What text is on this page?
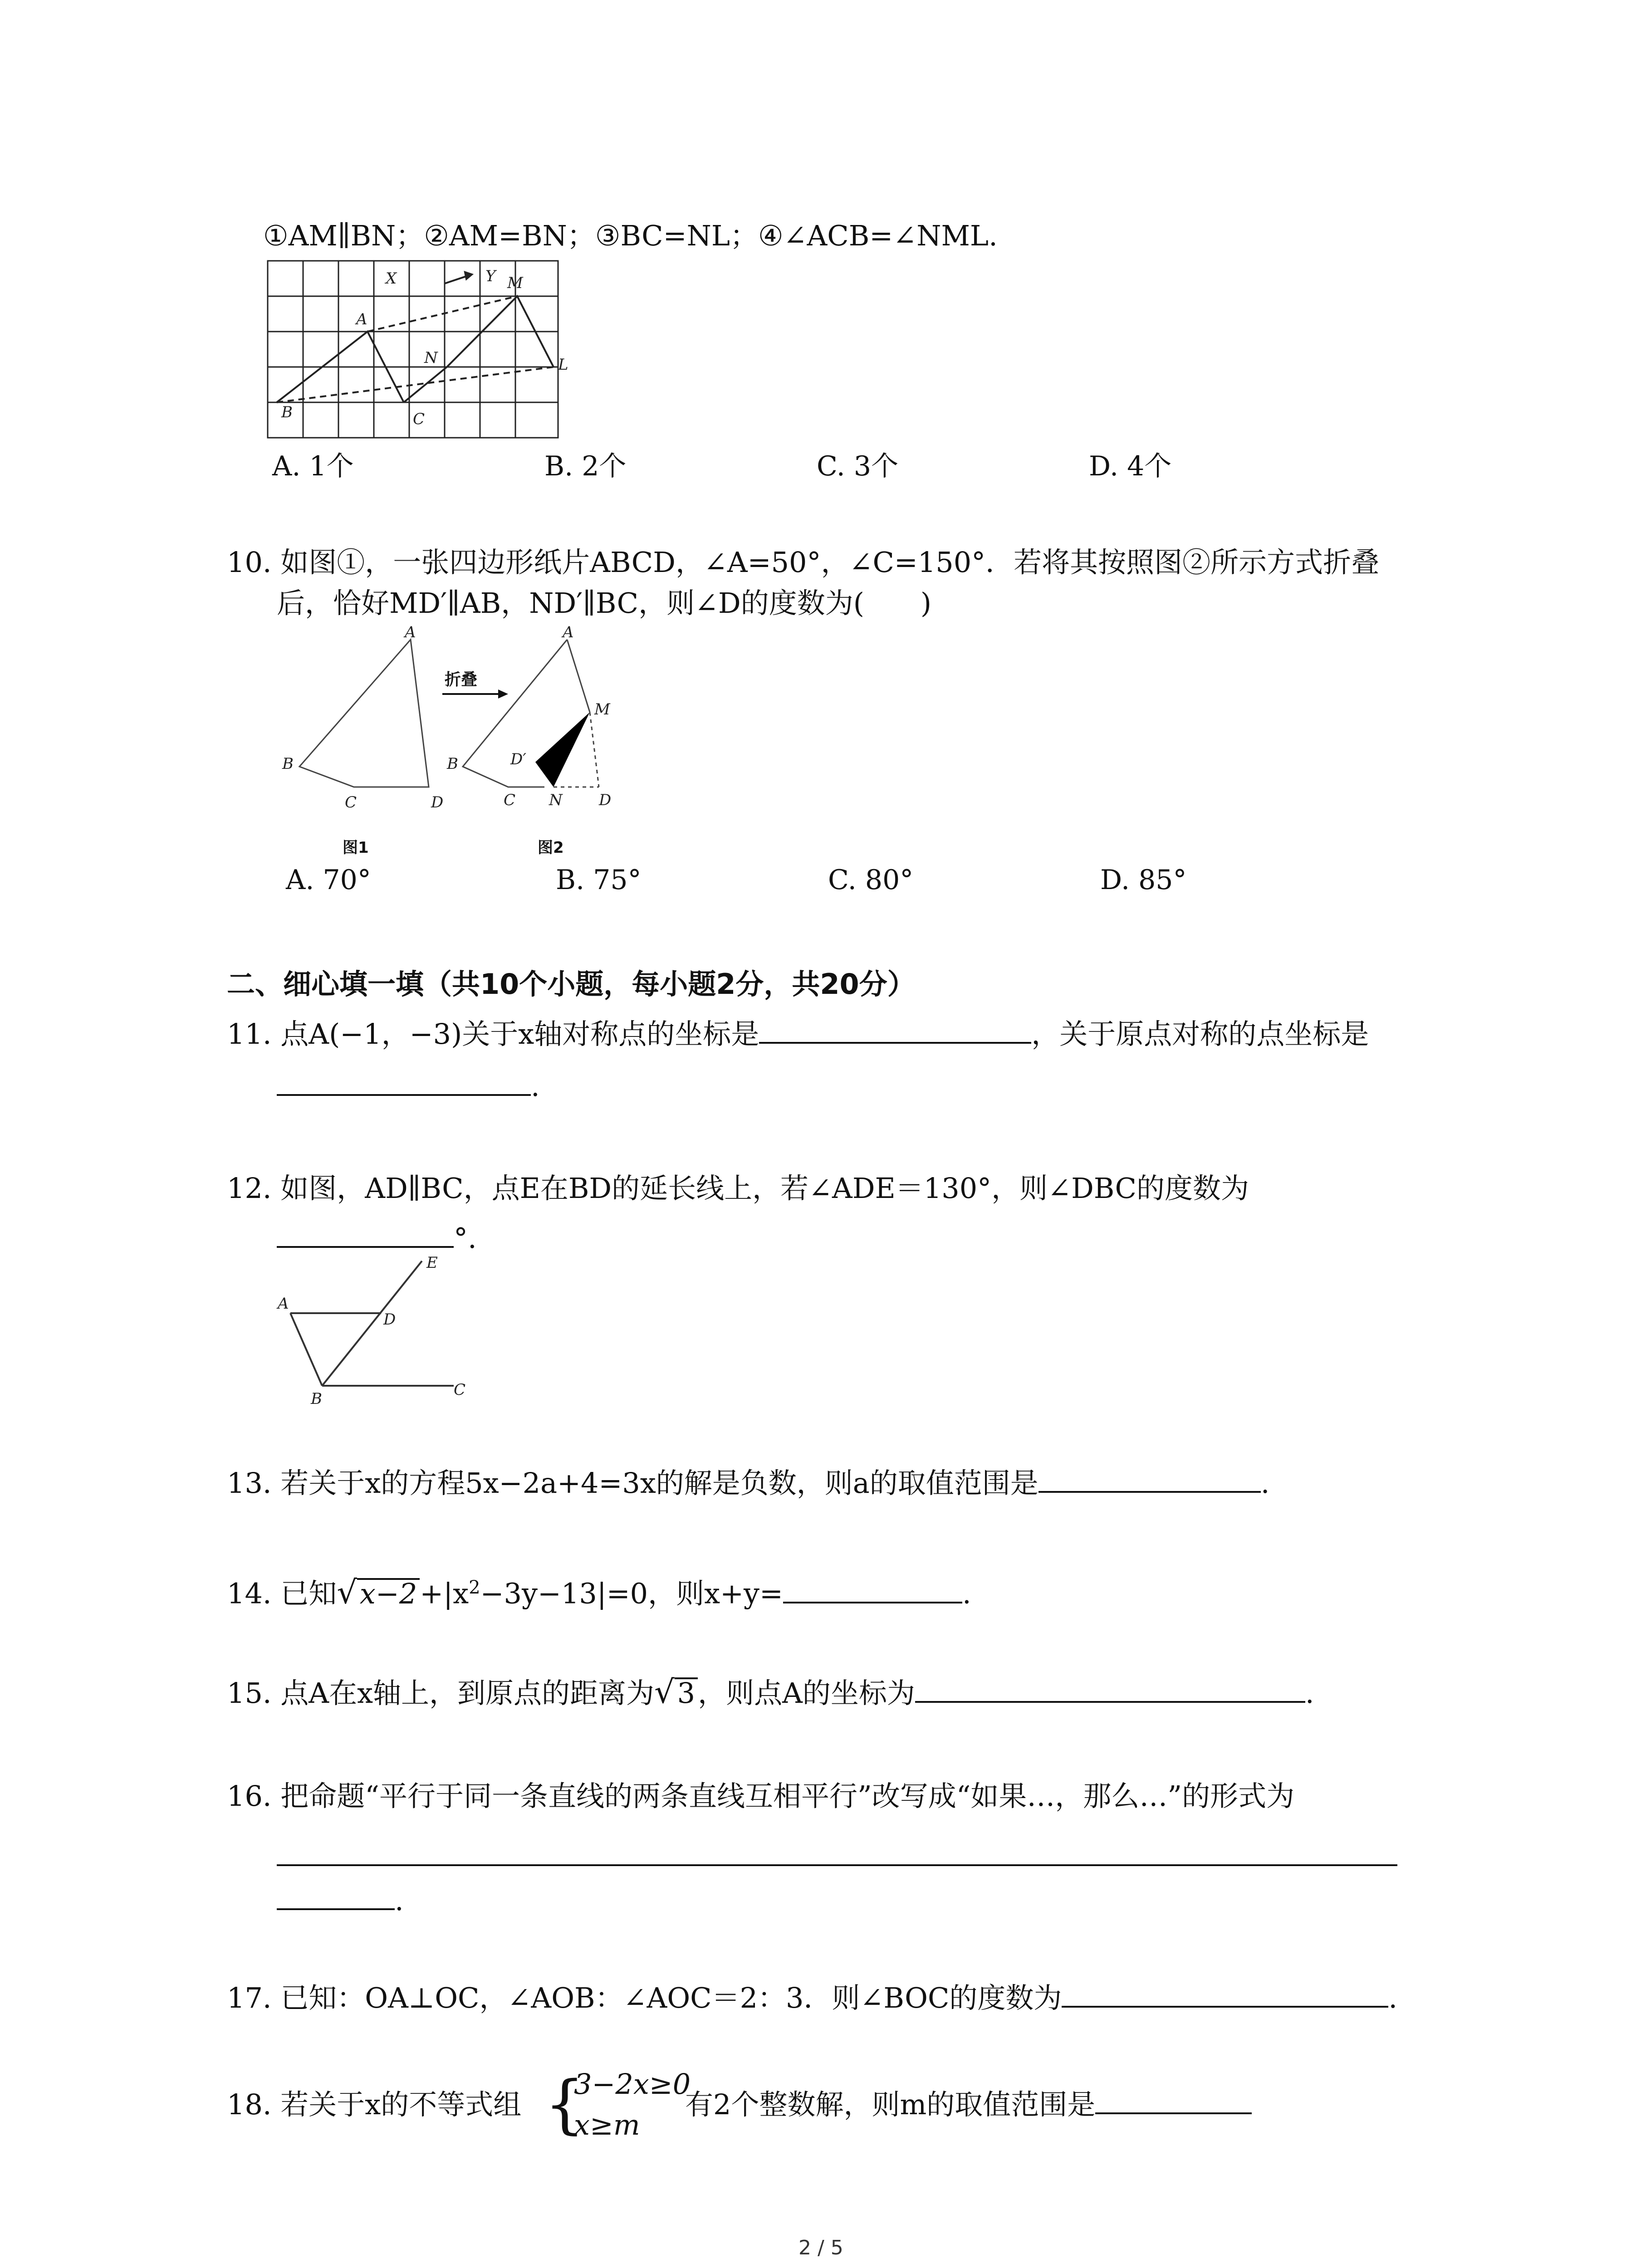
①AM∥BN；②AM=BN；③BC=NL；④∠ACB=∠NML.
X	Y M
A
N	L
B	C
A. 1个	B. 2个	C. 3个	D. 4个
10. 如图①，一张四边形纸片ABCD，∠A=50°，∠C=150°．若将其按照图②所示方式折叠
后，恰好MD′∥AB，ND′∥BC，则∠D的度数为(　　)
折叠
A
B
C	D
A
B
C N D
M
D′
图1	图2
A. 70°	B. 75°	C. 80°	D. 85°
二、细心填一填（共10个小题，每小题2分，共20分）
11. 点A(−1，−3)关于x轴对称点的坐标是	，关于原点对称的点坐标是
.
12. 如图，AD∥BC，点E在BD的延长线上，若∠ADE＝130°，则∠DBC的度数为
°.
A
D
E
B	C
13. 若关于x的方程5x−2a+4=3x的解是负数，则a的取值范围是	.
14. 已知$√x-2+|x^2-3y-13|=0$，则x+y=	.
15. 点A在x轴上，到原点的距离为√3，则点A的坐标为	.
16. 把命题“平行于同一条直线的两条直线互相平行”改写成“如果…，那么…”的形式为
.
17. 已知：OA⊥OC，∠AOB：∠AOC＝2：3．则∠BOC的度数为	.
18. 若关于x的不等式组 {
3−2x≥0
x≥m
有2个整数解，则m的取值范围是
2 / 5
